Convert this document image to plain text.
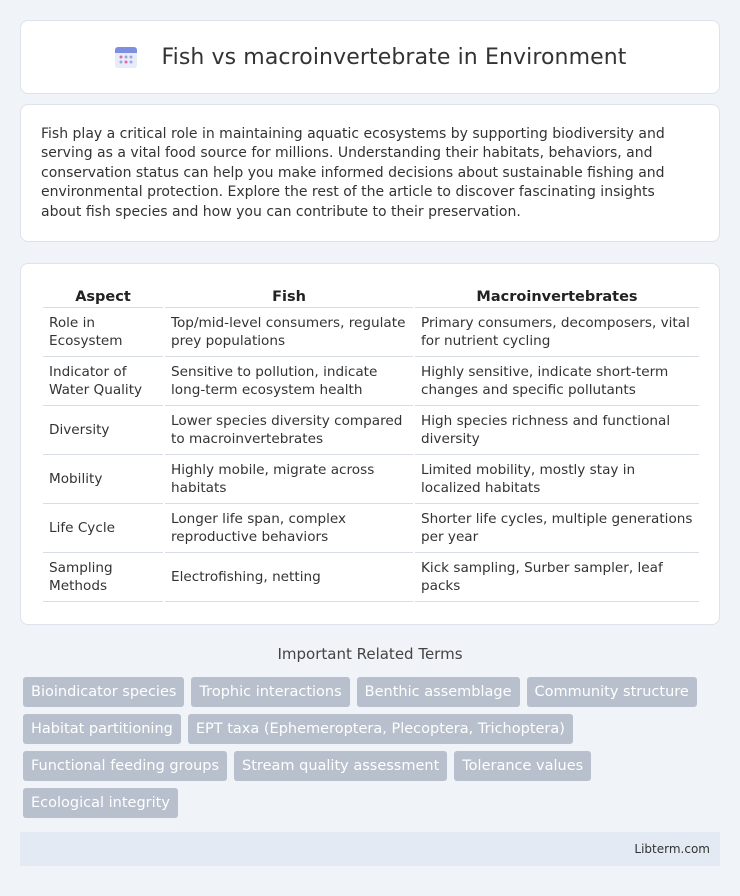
Fish vs macroinvertebrate in Environment

Fish play a critical role in maintaining aquatic ecosystems by supporting biodiversity and serving as a vital food source for millions. Understanding their habitats, behaviors, and conservation status can help you make informed decisions about sustainable fishing and environmental protection. Explore the rest of the article to discover fascinating insights about fish species and how you can contribute to their preservation.

Aspect	Fish	Macroinvertebrates
Role in Ecosystem	Top/mid-level consumers, regulate prey populations	Primary consumers, decomposers, vital for nutrient cycling
Indicator of Water Quality	Sensitive to pollution, indicate long-term ecosystem health	Highly sensitive, indicate short-term changes and specific pollutants
Diversity	Lower species diversity compared to macroinvertebrates	High species richness and functional diversity
Mobility	Highly mobile, migrate across habitats	Limited mobility, mostly stay in localized habitats
Life Cycle	Longer life span, complex reproductive behaviors	Shorter life cycles, multiple generations per year
Sampling Methods	Electrofishing, netting	Kick sampling, Surber sampler, leaf packs
Important Related Terms
Bioindicator species	Trophic interactions	Benthic assemblage	Community structure
Habitat partitioning	EPT taxa (Ephemeroptera, Plecoptera, Trichoptera)
Functional feeding groups	Stream quality assessment	Tolerance values
Ecological integrity
Libterm.com
